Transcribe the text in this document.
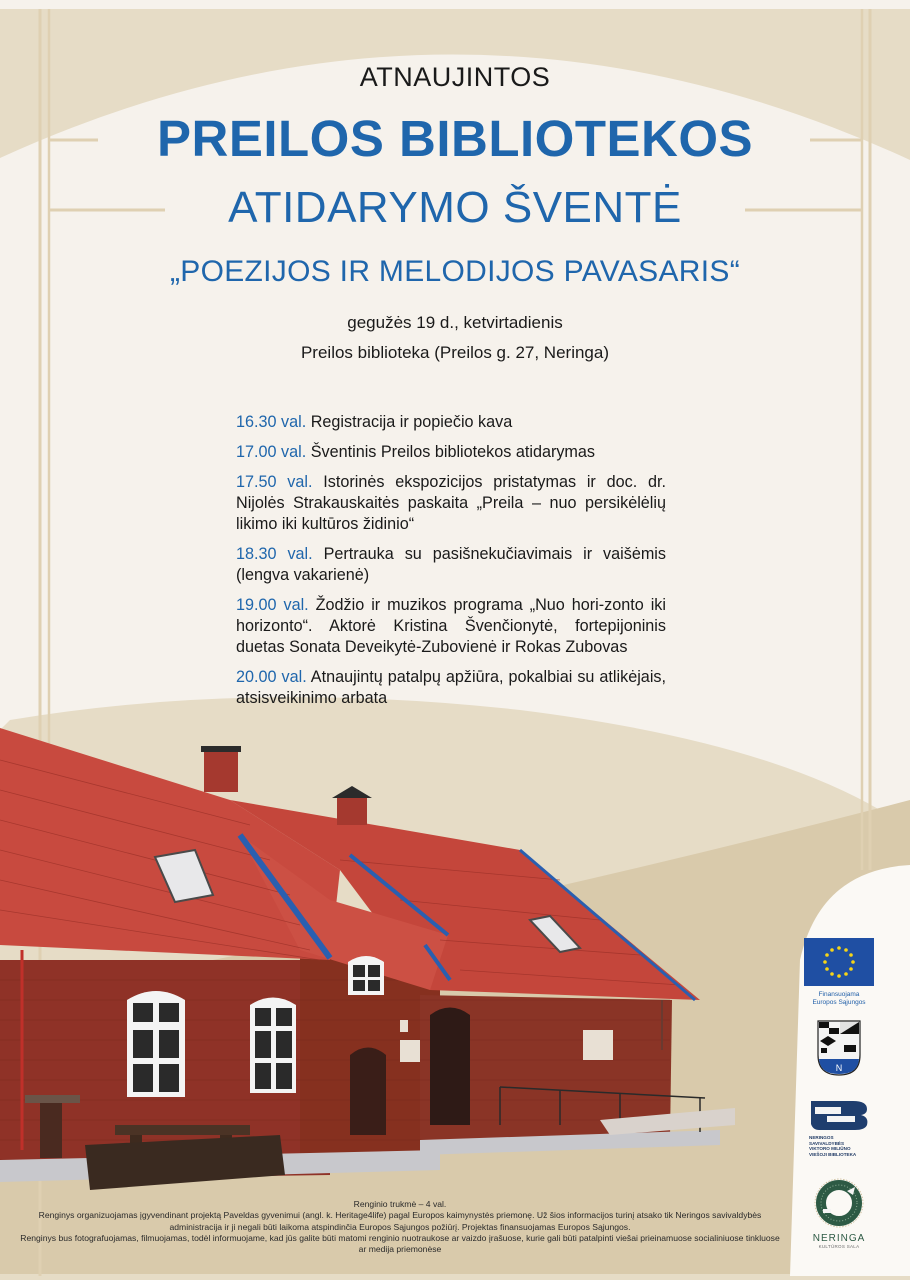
ATNAUJINTOS
PREILOS BIBLIOTEKOS
ATIDARYMO ŠVENTĖ
„POEZIJOS IR MELODIJOS PAVASARIS“
gegužės 19 d., ketvirtadienis
Preilos biblioteka (Preilos g. 27, Neringa)
16.30 val. Registracija ir popiečio kava
17.00 val. Šventinis Preilos bibliotekos atidarymas
17.50 val. Istorinės ekspozicijos pristatymas ir doc. dr. Nijolės Strakauskaitės paskaita „Preila – nuo persikėlėlių likimo iki kultūros židinio“
18.30 val. Pertrauka su pasišnekučiavimais ir vaišėmis (lengva vakarienė)
19.00 val. Žodžio ir muzikos programa „Nuo hori-zonto iki horizonto“. Aktorė Kristina Švenčionytė, fortepijoninis duetas Sonata Deveikytė-Zubovienė ir Rokas Zubovas
20.00 val. Atnaujintų patalpų apžiūra, pokalbiai su atlikėjais, atsisveikinimo arbata
Renginio trukmė – 4 val.
Renginys organizuojamas įgyvendinant projektą Paveldas gyvenimui (angl. k. Heritage4life) pagal Europos kaimynystės priemonę. Už šios informacijos turinį atsako tik Neringos savivaldybės administracija ir ji negali būti laikoma atspindinčia Europos Sąjungos požiūrį. Projektas finansuojamas Europos Sąjungos.
Renginys bus fotografuojamas, filmuojamas, todėl informuojame, kad jūs galite būti matomi renginio nuotraukose ar vaizdo įrašuose, kurie gali būti patalpinti viešai prieinamuose socialiniuose tinkluose ar medija priemonėse
Finansuojama
Europos Sąjungos
N
NERINGOS SAVIVALDYBĖS
VIKTORO MILIŪNO
VIEŠOJI BIBLIOTEKA
NERINGA
KULTŪROS SALA
